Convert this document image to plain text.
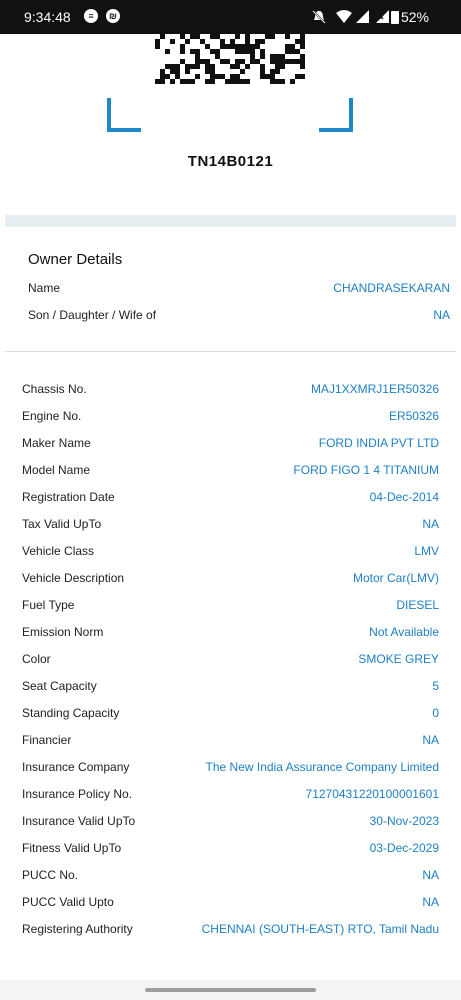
9:34:48	≡	₪	52%
TN14B0121
Owner Details
Name	CHANDRASEKARAN
Son / Daughter / Wife of	NA
Chassis No.	MAJ1XXMRJ1ER50326
Engine No.	ER50326
Maker Name	FORD INDIA PVT LTD
Model Name	FORD FIGO 1 4 TITANIUM
Registration Date	04-Dec-2014
Tax Valid UpTo	NA
Vehicle Class	LMV
Vehicle Description	Motor Car(LMV)
Fuel Type	DIESEL
Emission Norm	Not Available
Color	SMOKE GREY
Seat Capacity	5
Standing Capacity	0
Financier	NA
Insurance Company	The New India Assurance Company Limited
Insurance Policy No.	71270431220100001601
Insurance Valid UpTo	30-Nov-2023
Fitness Valid UpTo	03-Dec-2029
PUCC No.	NA
PUCC Valid Upto	NA
Registering Authority	CHENNAI (SOUTH-EAST) RTO, Tamil Nadu
